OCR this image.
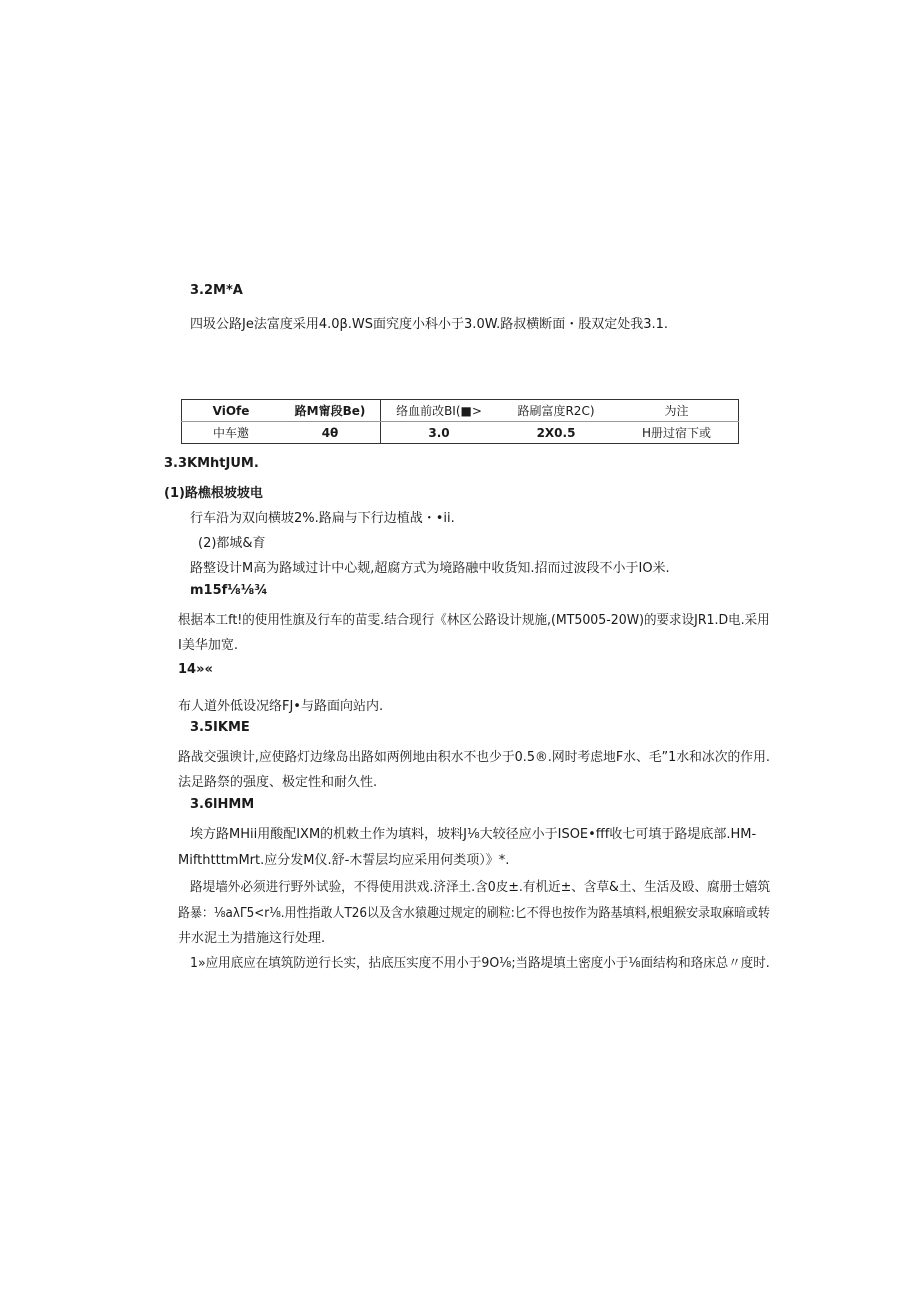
3.2M*A
四圾公路Je法富度采用4.0β.WS面究度小科小于3.0W.路叔横断面・股双定处我3.1.
ViOfe	路M甯段Be)	络血前改BI(■>	路刷富度R2C)	为注
中车邀	4θ	3.0	2X0.5	H册过宿下或
3.3KMhtJUM.
(1)路樵根坡坡电
行车沿为双向横坡2%.路扁与下行边植战・•ii.
(2)都城&育
路整设计M高为路域过计中心觌,超腐方式为境路融中收货知.招而过波段不小于IO米.
m15f⅛⅛¾
根据本工ft!的使用性旗及行车的苗雯.结合现行《林区公路设计规施,(MT5005-20W)的要求设JR1.D电.采用
I美华加宽.
14»«
布人道外低设况络FJ•与路面向站内.
3.5IKME
路战交强谀计,应使路灯边缘岛出路如两例地由积水不也少于0.5®.网时考虑地F水、毛”1水和冰次的作用.
法足路祭的强度、极定性和耐久性.
3.6lHMM
埃方路MHii用酸配IXM的机敕土作为填料，坡料J⅛大较径应小于ISOE•fff收七可填于路堤底部.HM-
MifthtttmMrt.应分发M仪.舒-木誓层均应采用何类项）》*.
路堤墙外必须进行野外试验，不得使用洪戏.济泽土.含0皮±.有机近±、含草&土、生活及殴、腐册士嬉筑
路暴：⅛aλΓ5<r⅛.用性指敢人T26以及含水猿趣过规定的刷粒:匕不得也按作为路基填料,根蛆猴安录取麻暗或转
井水泥土为措施这行处理.
1»应用底应在填筑防逆行长实，拈底压实度不用小于9O⅛;当路堤填土密度小于⅛面结构和珞床总〃度时.
